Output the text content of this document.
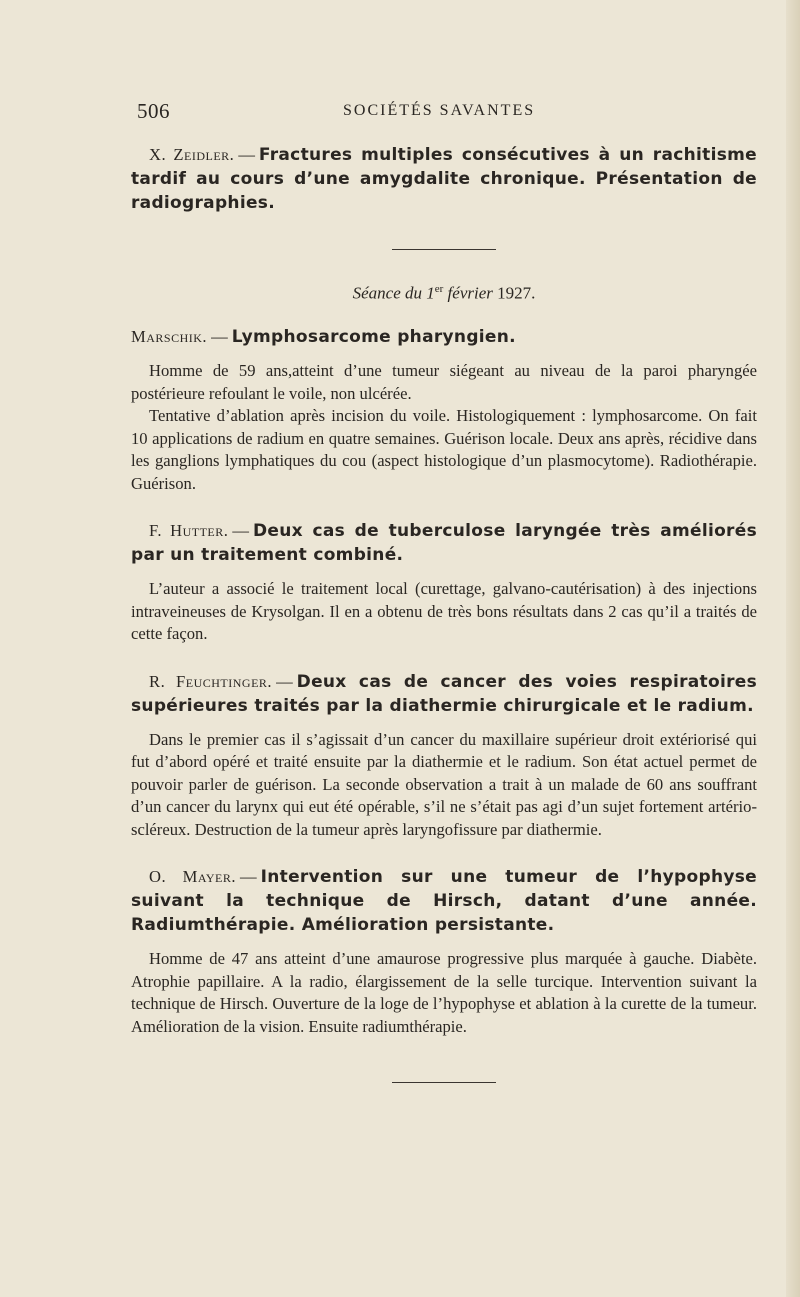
506	SOCIÉTÉS SAVANTES

X. Zeidler. — Fractures multiples consécutives à un rachitisme tardif au cours d’une amygdalite chronique. Présentation de radiographies.

Séance du 1er février 1927.

Marschik. — Lymphosarcome pharyngien.

Homme de 59 ans,atteint d’une tumeur siégeant au niveau de la paroi pharyngée postérieure refoulant le voile, non ulcérée.

Tentative d’ablation après incision du voile. Histologiquement : lymphosarcome. On fait 10 applications de radium en quatre semaines. Guérison locale. Deux ans après, récidive dans les ganglions lymphatiques du cou (aspect histologique d’un plasmocytome). Radiothérapie. Guérison.

F. Hutter. — Deux cas de tuberculose laryngée très améliorés par un traitement combiné.

L’auteur a associé le traitement local (curettage, galvano-cautérisation) à des injections intraveineuses de Krysolgan. Il en a obtenu de très bons résultats dans 2 cas qu’il a traités de cette façon.

R. Feuchtinger. — Deux cas de cancer des voies respiratoires supérieures traités par la diathermie chirurgicale et le radium.

Dans le premier cas il s’agissait d’un cancer du maxillaire supérieur droit extériorisé qui fut d’abord opéré et traité ensuite par la diathermie et le radium. Son état actuel permet de pouvoir parler de guérison. La seconde observation a trait à un malade de 60 ans souffrant d’un cancer du larynx qui eut été opérable, s’il ne s’était pas agi d’un sujet fortement artério-scléreux. Destruction de la tumeur après laryngofissure par diathermie.

O. Mayer. — Intervention sur une tumeur de l’hypophyse suivant la technique de Hirsch, datant d’une année. Radiumthérapie. Amélioration persistante.

Homme de 47 ans atteint d’une amaurose progressive plus marquée à gauche. Diabète. Atrophie papillaire. A la radio, élargissement de la selle turcique. Intervention suivant la technique de Hirsch. Ouverture de la loge de l’hypophyse et ablation à la curette de la tumeur. Amélioration de la vision. Ensuite radiumthérapie.
